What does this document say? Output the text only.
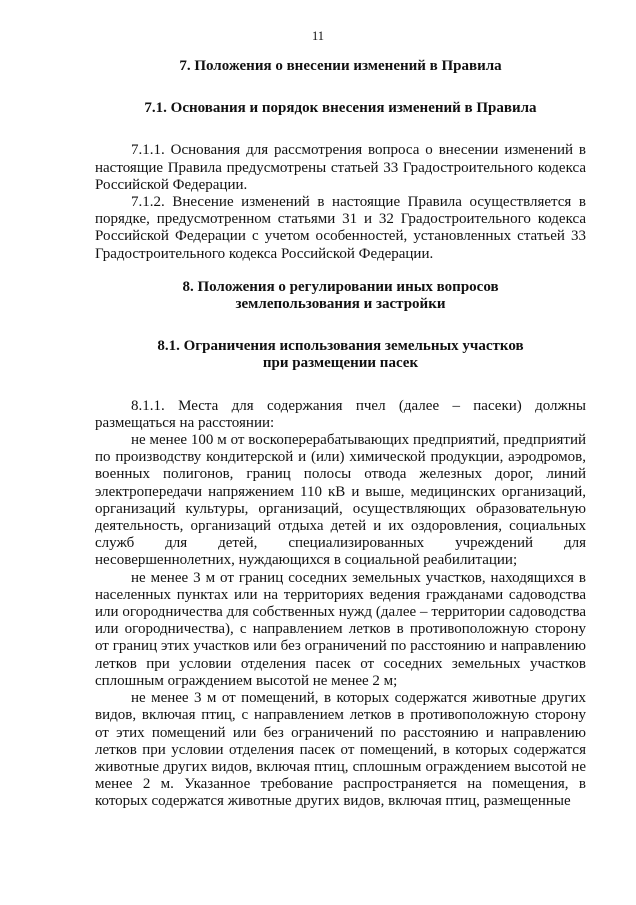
11
7. Положения о внесении изменений в Правила
7.1. Основания и порядок внесения изменений в Правила

7.1.1. Основания для рассмотрения вопроса о внесении изменений в настоящие Правила предусмотрены статьей 33 Градостроительного кодекса Российской Федерации.

7.1.2. Внесение изменений в настоящие Правила осуществляется в порядке, предусмотренном статьями 31 и 32 Градостроительного кодекса Российской Федерации с учетом особенностей, установленных статьей 33 Градостроительного кодекса Российской Федерации.

8. Положения о регулировании иных вопросов
землепользования и застройки
8.1. Ограничения использования земельных участков
при размещении пасек

8.1.1. Места для содержания пчел (далее – пасеки) должны размещаться на расстоянии:

не менее 100 м от воскоперерабатывающих предприятий, предприятий по производству кондитерской и (или) химической продукции, аэродромов, военных полигонов, границ полосы отвода железных дорог, линий электропередачи напряжением 110 кВ и выше, медицинских организаций, организаций культуры, организаций, осуществляющих образовательную деятельность, организаций отдыха детей и их оздоровления, социальных служб для детей, специализированных учреждений для несовершеннолетних, нуждающихся в социальной реабилитации;

не менее 3 м от границ соседних земельных участков, находящихся в населенных пунктах или на территориях ведения гражданами садоводства или огородничества для собственных нужд (далее – территории садоводства или огородничества), с направлением летков в противоположную сторону от границ этих участков или без ограничений по расстоянию и направлению летков при условии отделения пасек от соседних земельных участков сплошным ограждением высотой не менее 2 м;

не менее 3 м от помещений, в которых содержатся животные других видов, включая птиц, с направлением летков в противоположную сторону от этих помещений или без ограничений по расстоянию и направлению летков при условии отделения пасек от помещений, в которых содержатся животные других видов, включая птиц, сплошным ограждением высотой не менее 2 м. Указанное требование распространяется на помещения, в которых содержатся животные других видов, включая птиц, размещенные
